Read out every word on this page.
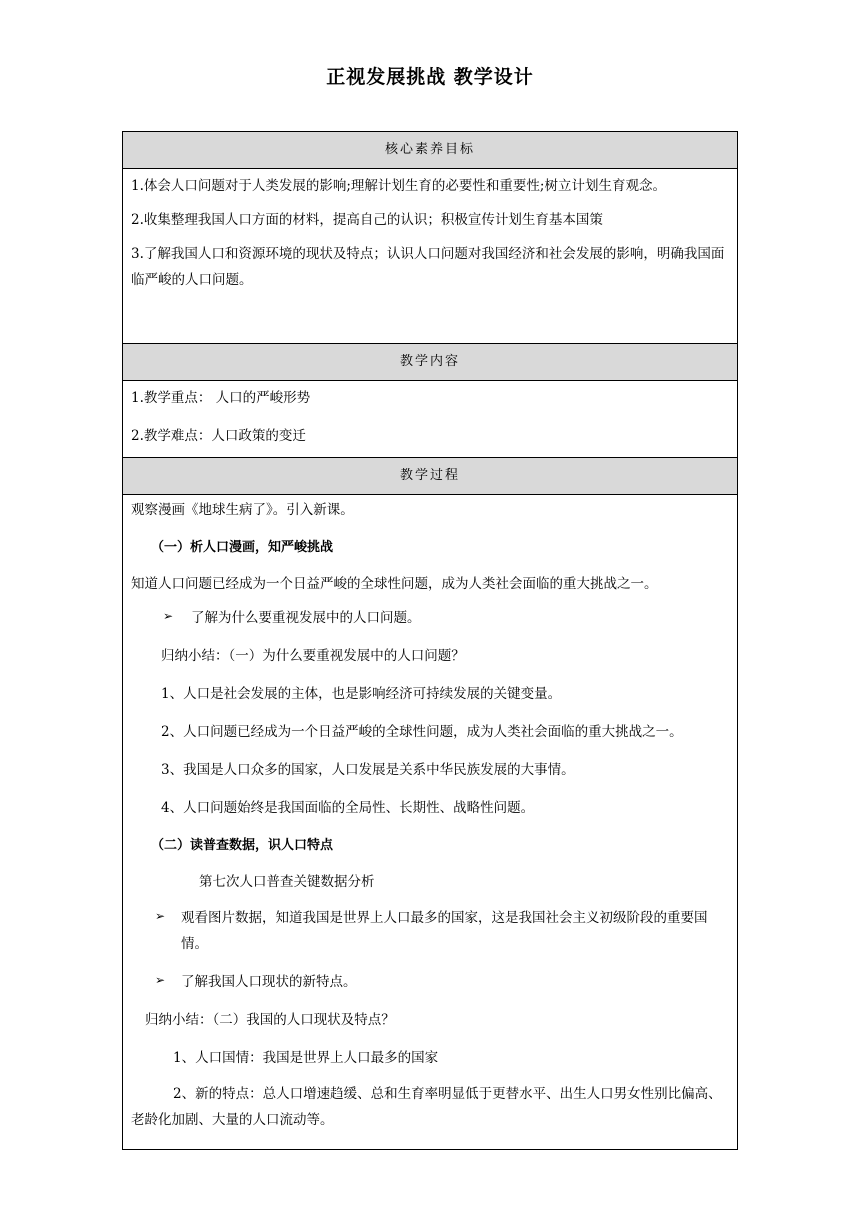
正视发展挑战 教学设计
核心素养目标
1.体会人口问题对于人类发展的影响;理解计划生育的必要性和重要性;树立计划生育观念。
2.收集整理我国人口方面的材料，提高自己的认识；积极宣传计划生育基本国策
3.了解我国人口和资源环境的现状及特点；认识人口问题对我国经济和社会发展的影响，明确我国面临严峻的人口问题。
教学内容
1.教学重点： 人口的严峻形势
2.教学难点：人口政策的变迁
教学过程
观察漫画《地球生病了》。引入新课。
（一）析人口漫画，知严峻挑战
知道人口问题已经成为一个日益严峻的全球性问题，成为人类社会面临的重大挑战之一。
➢ 了解为什么要重视发展中的人口问题。
归纳小结：（一）为什么要重视发展中的人口问题？
1、人口是社会发展的主体，也是影响经济可持续发展的关键变量。
2、人口问题已经成为一个日益严峻的全球性问题，成为人类社会面临的重大挑战之一。
3、我国是人口众多的国家，人口发展是关系中华民族发展的大事情。
4、人口问题始终是我国面临的全局性、长期性、战略性问题。
（二）读普查数据，识人口特点
第七次人口普查关键数据分析
➢ 观看图片数据，知道我国是世界上人口最多的国家，这是我国社会主义初级阶段的重要国情。
➢ 了解我国人口现状的新特点。
归纳小结：（二）我国的人口现状及特点？
1、人口国情：我国是世界上人口最多的国家
2、新的特点：总人口增速趋缓、总和生育率明显低于更替水平、出生人口男女性别比偏高、老龄化加剧、大量的人口流动等。
